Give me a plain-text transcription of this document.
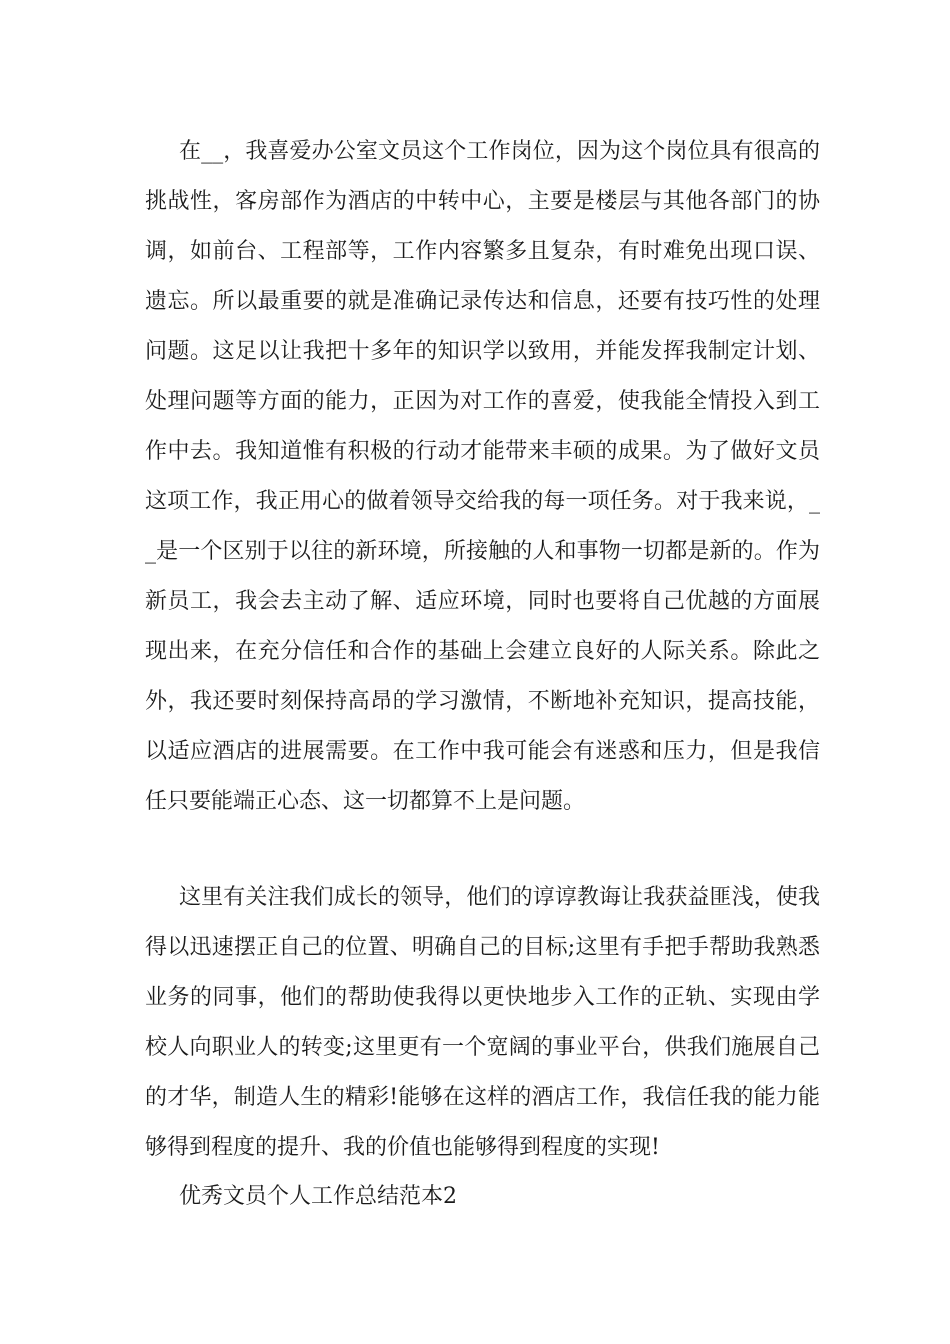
在__，我喜爱办公室文员这个工作岗位，因为这个岗位具有很高的挑战性，客房部作为酒店的中转中心，主要是楼层与其他各部门的协调，如前台、工程部等，工作内容繁多且复杂，有时难免出现口误、遗忘。所以最重要的就是准确记录传达和信息，还要有技巧性的处理问题。这足以让我把十多年的知识学以致用，并能发挥我制定计划、处理问题等方面的能力，正因为对工作的喜爱，使我能全情投入到工作中去。我知道惟有积极的行动才能带来丰硕的成果。为了做好文员这项工作，我正用心的做着领导交给我的每一项任务。对于我来说，__是一个区别于以往的新环境，所接触的人和事物一切都是新的。作为新员工，我会去主动了解、适应环境，同时也要将自己优越的方面展现出来，在充分信任和合作的基础上会建立良好的人际关系。除此之外，我还要时刻保持高昂的学习激情，不断地补充知识，提高技能，以适应酒店的进展需要。在工作中我可能会有迷惑和压力，但是我信任只要能端正心态、这一切都算不上是问题。

这里有关注我们成长的领导，他们的谆谆教诲让我获益匪浅，使我得以迅速摆正自己的位置、明确自己的目标;这里有手把手帮助我熟悉业务的同事，他们的帮助使我得以更快地步入工作的正轨、实现由学校人向职业人的转变;这里更有一个宽阔的事业平台，供我们施展自己的才华，制造人生的精彩!能够在这样的酒店工作，我信任我的能力能够得到程度的提升、我的价值也能够得到程度的实现!

优秀文员个人工作总结范本2
